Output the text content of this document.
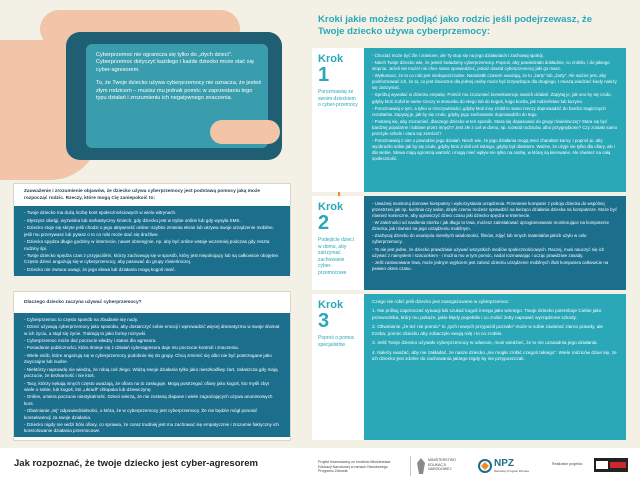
Cyberprzemoc nie ogranicza się tylko do „złych dzieci”. Cyberprzemoc dotyczyć każdego i każde dziecko może stać się cyber-agresorem.

To, że Twoje dziecko używa cyberprzemocy nie oznacza, że jesteś złym rodzicem – musisz mu jednak pomóc w zaprzestaniu tego typu działań i zrozumieniu ich negatywnego znaczenia.

Zauważenie i zrozumienie objawów, że dziecko używa cyberprzemocy jest podstawą pomocy jaką może rozpocząć rodzic. Rzeczy, które mogą Cię zaniepokoić to:
- Twoje dziecko ma dużą liczbę kont społecznościowych w wielu witrynach.
- Słyszysz obelgi, wyzwiska lub sarkastyczny śmiech, gdy dziecko jest w trybie online lub gdy wysyła SMS.
- Dziecko stoje się skryte jeśli chodzi o jego aktywność online: szybko zmienia ekran lub ukrywa swoje urządzenie mobilne, jeśli mu przerywasz lub pytasz o to co robi może stać się drażliwe.
- Dziecko spędza długie godziny w internecie, nawet obsesyjnie, np. aby być online wstaje wczesniej podczas gdy reszta rodziny śpi.
- Twoje dziecko spędza czas z przyjaciółmi, którzy zachowują się w sposób, który jest niepokojący lub są całkowicie obojętne. Często dzieci angażują się w cyberprzemocy, aby pasować do grupy rówieśniczej.
- Dziecko nie zwraca uwagi, że jego słowa lub działania mogą kogoś ranić.
Dlaczego dziecko zaczyna używać cyberprzemocy?
- Cyberprzemoc to często sposób na zbudanie się nudy.
- Dzieci używają cyberprzemocy jako sposobu, aby dostarczyć sobie emocji i wprowadzić więcej dramatyzmu w swoje dramat w ich życiu, a stąd się życie. Traktują to jako formę rozrywki.
- Cyberprzemoc może dać poczucie władzy i status dla agresora.
- Posiadanie publiczności, która śmieje się z działań cyberagresora daje mu poczucie kontroli i znaczenia.
- Wiele osób, które angażują się w cyberprzemocy podobnie się do grupy. Chcą zmienić się albo nie być postrzegane jako zwyczajne lub nudne.
- Niektórzy naprawdę nie wiedzą, że robią coś złego. Widzą swoje działania tylko jako nieszkodliwy żart, zwłaszcza gdy mają poczucie, że bezkarność i nie ktoś.
- Tacy, którzy nękają innych często uważają, że ofiara na to zasługuje. Mogą postrzegać ofiarę jako kogoś, kto myśli zbyt wiele o sobie, lub kogoś, kto „ukradł” chłopaka lub dziewczynę.
- Online, umiera poczucie niestykalność. Dzieci wierzą, że nie zostaną złapane i wiele zagrażających używa anonimowych kont.
- Obwinianie „tej” odpowiedzialności, o która, że w cyberprzemocy jest cyberprzemocy. Że nie będzie mógł ponosić konsekwencji za swoje działania.
- Dziecko nigdy nie widzi bólu ofiary, co sprawia, że coraz trudniej jest mu zachować się empatycznie i zrozumie faktyczny ich kontrolowanie działania przemocowe.
Kroki jakie możesz podjąć jako rodzic jeśli podejrzewasz, że Twoje dziecko używa cyberprzemocy:
Krok
1
Porozmawiaj ze swoim dzieckiem o cyber-przemocy
- Chociaż może być źle i zranione, ale Ty stop się na jego działaniach i zachowaj spokój.
- Niech Twoje dziecko wie, że jesteś świadomy cyberprzemocy. Poproś, aby powiedziało dokładnie, co zrobiło, i do jakiego stopnia. Jeżeli nie może/ nie chce sama opowiedzieć, pokaż dowód cyberprzemocy jaki go masz.
- Wytłumacz, że to co robi jest niedopuszczalne. Nastolatki czasem uważają, że to „żarty” lub „żarty”. Ale ważne jest, aby poinformować ich, że to, co jest śmieszne dla jednej osoby może być krzywdzące dla drugiego. I muszą wiedzieć kiedy należy się zatrzymać.
- Spróbuj wywołać w dziecku empatię. Pomóż mu zrozumieć konsekwencje swoich działań. Zapytaj je, jak ono by się czuło, gdyby ktoś zrobił te same rzeczy w stosunku do niego lub do kogoś, kogo kocha, jak rodzeństwo lub kuzyna.
- Porozmawiaj o tym, a tylko w rzeczywistości, gdyby ktoś inny zrobił to samo rzeczy doprowadzić do bardzo tragicznych rezultatów. Zapytaj je, jak by się czuło, gdyby jego zachowanie doprowadziło do tego.
- Postaraj się, aby zrozumieć, dlaczego dziecko w ten sposób. Stara się dopasować do grupy rówieśniczej? Stara się być bardziej popularne i lubiane przez innych? Jest złe z coś w domu, np. rozwód rodziców, albo przygnębione? Czy zostało samo przeżyło szkole i stara się zemścić?
- Porozmawiaj z nim o powodzie jego działań. Niech wie, że jego działania mogą mieć charakter karny. I poproś je, aby wyobraziło sobie jak by się czuło, gdyby ktoś zrobił coś takiego, gdyby był obiektem. Ważne, że użyje nie tylko dla ofiary, ale i dla siebie. Słowa mają ogromną wartość i mogą mieć wpływ nie tylko na osobę, w której są kierowane. Ale również na całą społeczność.
Krok
2
Podejście dzieci w domu, aby zatrzymać zachowanie cyber-przemocowe
- Uważnej monitoruj domowe komputery i wykorzystania urządzenia. Przeniesie komputer z pokoju dziecka do wspólnej przestrzeni jak np. kuchnia czy salon, dzięki czemu możesz sprawdzić na bieżąco działania dziecka na komputerze. Może być również konieczne, aby ograniczyć dzieci czasu jaki dziecko spędza w Internecie.
- W zależności od nasilenia stra'ku i jak długo to trwa, możesz zainstalować oprogramowanie monitorujące na komputerze dziecka, jak również na jego urządzeniu mobilnym.
- Zachęcaj dziecko do usunięcia niemiłych wiadomości, filmów, zdjęć lub innych materiałów jakich użyło w celu cyberprzemocy.
- To nie jest jedne, że dziecko prawdziwie używać wszystkich mediów społecznościowych. Raczej, musi nauczyć się ich używać z namysłem i szacunkiem - i można mu w tym pomóc, nadal rozmawiając i ucząc prawdziwe zasady.
- Jeśli zastosowane trwa, może jednym wyjściem jest zabrać dziecku urządzenie mobilnych i/lub komputera całkowicie na pewien okres czasu.
Krok
3
Poproś o pomoc specjalistów
Czego nie robić jeśli dziecko jest zaangażowane w cyberprzemoc:
1. Nie próbuj zaprzeczać sytuacji lub szukać kogoś innego jako winnego. Twoje dziecko potrzebuje Ciebie jako przewodnika, który mu pokaże, jakie błędy popełniło i co zrobić żeby naprawić wyrządzone szkody.
2. Obwinianie „że też nie pomóc” to „tych nowych przyjaciół poznało” może w sobie zawierać ziarno prawdy, ale trzeba, pomóc dziecku aby zobaczyło swoją rolę i to co zrobiło.
3. Jeśli Twoje dziecko używało cyberprzemocy w odwecie, musi wiedzieć, że to nie uzasadnia jego działania.
4. Należy uważać, aby nie zakładać, że nasze dziecko „nie mogło zrobić czegoś takiego”. Wiele rodziców dziwi się, że ich dziecko jest zdolne do zachowania jakiego nigdy by nie przypuszczali.
Jak rozpoznać, że twoje dziecko jest cyber-agresorem	Projekt finansowany ze środków Ministerstwa Edukacji Narodowej w ramach Narodowego Programu Zdrowia
MINISTERSTWO EDUKACJI NARODOWEJ
NPZ
Narodowy Program Zdrowia
Realizator projektu:
